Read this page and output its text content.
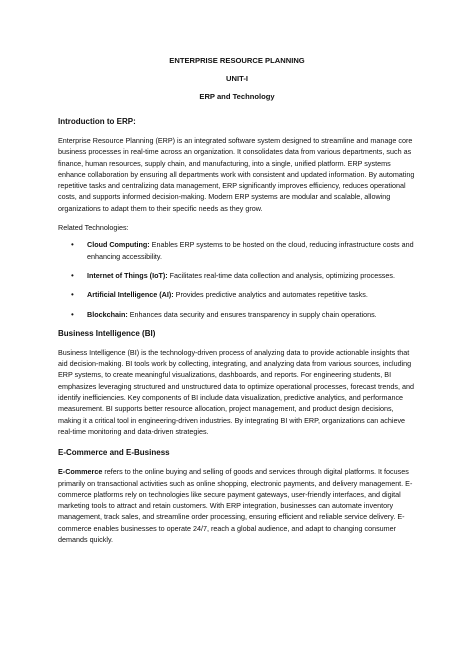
ENTERPRISE RESOURCE PLANNING

UNIT-I

ERP and Technology

Introduction to ERP:

Enterprise Resource Planning (ERP) is an integrated software system designed to streamline and manage core business processes in real-time across an organization. It consolidates data from various departments, such as finance, human resources, supply chain, and manufacturing, into a single, unified platform. ERP systems enhance collaboration by ensuring all departments work with consistent and updated information. By automating repetitive tasks and centralizing data management, ERP significantly improves efficiency, reduces operational costs, and supports informed decision-making. Modern ERP systems are modular and scalable, allowing organizations to adapt them to their specific needs as they grow.

Related Technologies:

• Cloud Computing: Enables ERP systems to be hosted on the cloud, reducing infrastructure costs and enhancing accessibility.
• Internet of Things (IoT): Facilitates real-time data collection and analysis, optimizing processes.
• Artificial Intelligence (AI): Provides predictive analytics and automates repetitive tasks.
• Blockchain: Enhances data security and ensures transparency in supply chain operations.

Business Intelligence (BI)

Business Intelligence (BI) is the technology-driven process of analyzing data to provide actionable insights that aid decision-making. BI tools work by collecting, integrating, and analyzing data from various sources, including ERP systems, to create meaningful visualizations, dashboards, and reports. For engineering students, BI emphasizes leveraging structured and unstructured data to optimize operational processes, forecast trends, and identify inefficiencies. Key components of BI include data visualization, predictive analytics, and performance measurement. BI supports better resource allocation, project management, and product design decisions, making it a critical tool in engineering-driven industries. By integrating BI with ERP, organizations can achieve real-time monitoring and data-driven strategies.

E-Commerce and E-Business

E-Commerce refers to the online buying and selling of goods and services through digital platforms. It focuses primarily on transactional activities such as online shopping, electronic payments, and delivery management. E-commerce platforms rely on technologies like secure payment gateways, user-friendly interfaces, and digital marketing tools to attract and retain customers. With ERP integration, businesses can automate inventory management, track sales, and streamline order processing, ensuring efficient and reliable service delivery. E-commerce enables businesses to operate 24/7, reach a global audience, and adapt to changing consumer demands quickly.
